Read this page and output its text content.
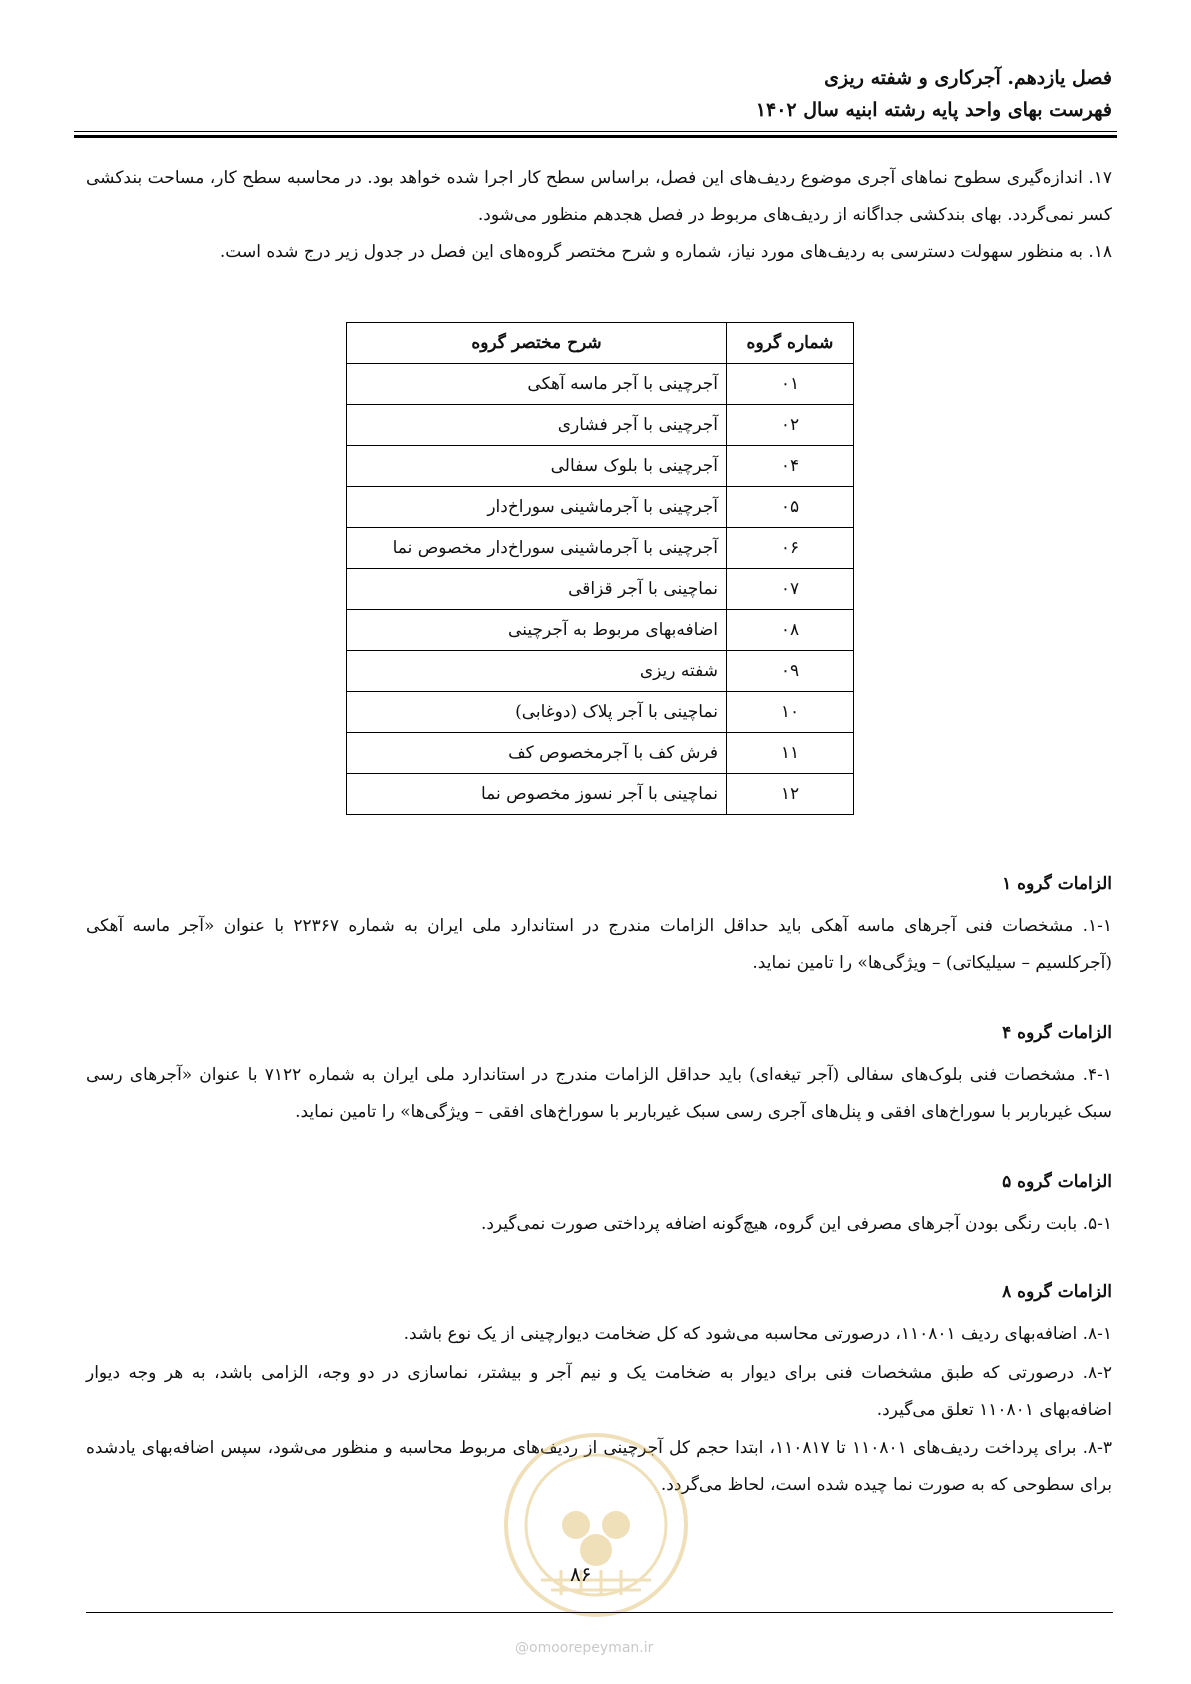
فصل یازدهم. آجرکاری و شفته ریزی
فهرست بهای واحد پایه رشته ابنیه سال ۱۴۰۲
۱۷. اندازه‌گیری سطوح نماهای آجری موضوع ردیف‌های این فصل، براساس سطح کار اجرا شده خواهد بود. در محاسبه سطح کار، مساحت بندکشی کسر نمی‌گردد. بهای بندکشی جداگانه از ردیف‌های مربوط در فصل هجدهم منظور می‌شود.
۱۸. به منظور سهولت دسترسی به ردیف‌های مورد نیاز، شماره و شرح مختصر گروه‌های این فصل در جدول زیر درج شده است.
شماره گروه	شرح مختصر گروه
۰۱	آجرچینی با آجر ماسه آهکی
۰۲	آجرچینی با آجر فشاری
۰۴	آجرچینی با بلوک سفالی
۰۵	آجرچینی با آجرماشینی سوراخ‌دار
۰۶	آجرچینی با آجرماشینی سوراخ‌دار مخصوص نما
۰۷	نماچینی با آجر قزاقی
۰۸	اضافه‌بهای مربوط به آجرچینی
۰۹	شفته ریزی
۱۰	نماچینی با آجر پلاک (دوغابی)
۱۱	فرش کف با آجرمخصوص کف
۱۲	نماچینی با آجر نسوز مخصوص نما
الزامات گروه ۱
۱-۱. مشخصات فنی آجرهای ماسه آهکی باید حداقل الزامات مندرج در استاندارد ملی ایران به شماره ۲۲۳۶۷ با عنوان «آجر ماسه آهکی (آجرکلسیم – سیلیکاتی) – ویژگی‌ها» را تامین نماید.
الزامات گروه ۴
۴-۱. مشخصات فنی بلوک‌های سفالی (آجر تیغه‌ای) باید حداقل الزامات مندرج در استاندارد ملی ایران به شماره ۷۱۲۲ با عنوان «آجرهای رسی سبک غیرباربر با سوراخ‌های افقی و پنل‌های آجری رسی سبک غیرباربر با سوراخ‌های افقی – ویژگی‌ها» را تامین نماید.
الزامات گروه ۵
۵-۱. بابت رنگی بودن آجرهای مصرفی این گروه، هیچ‌گونه اضافه پرداختی صورت نمی‌گیرد.
الزامات گروه ۸
۸-۱. اضافه‌بهای ردیف ۱۱۰۸۰۱، درصورتی محاسبه می‌شود که کل ضخامت دیوارچینی از یک نوع باشد.
۸-۲. درصورتی که طبق مشخصات فنی برای دیوار به ضخامت یک و نیم آجر و بیشتر، نماسازی در دو وجه، الزامی باشد، به هر وجه دیوار اضافه‌بهای ۱۱۰۸۰۱ تعلق می‌گیرد.
۸-۳. برای پرداخت ردیف‌های ۱۱۰۸۰۱ تا ۱۱۰۸۱۷، ابتدا حجم کل آجرچینی از ردیف‌های مربوط محاسبه و منظور می‌شود، سپس اضافه‌بهای یادشده برای سطوحی که به صورت نما چیده شده است، لحاظ می‌گردد.
۸۶
@omoorepeyman.ir
